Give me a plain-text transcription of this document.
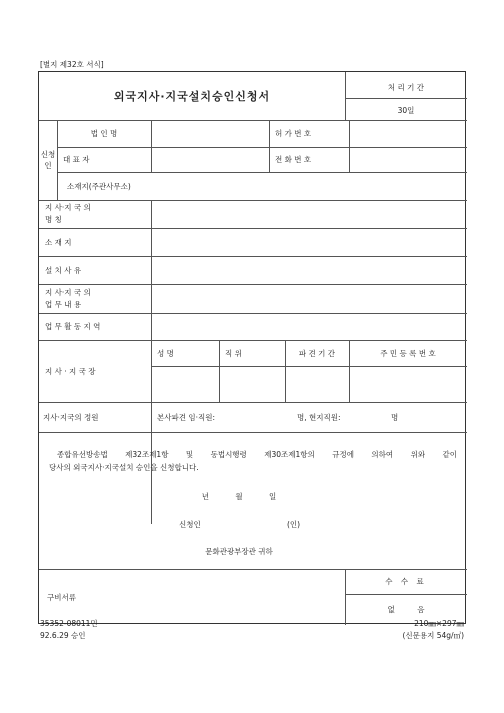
[별지 제32호 서식]
외국지사·지국설치승인신청서
처 리 기 간
30일
신청인
법 인 명	허 가 번 호
대 표 자	전 화 번 호
소재지(주관사무소)
지 사·지 국 의
명 칭
소 재 지
설 치 사 유
지 사·지 국 의
업 무 내 용
업 무 활 동 지 역
지 사 · 지 국 장
성 명	직 위	파 견 기 간	주 민 등 록 번 호
지사·지국의 정원	본사파견 임·직원:	명, 현지직원:	명
종합유선방송법 제32조제1항 및 동법시행령 제30조제1항의 규정에 의하여 위와 같이
당사의 외국지사·지국설치 승인을 신청합니다.
년 월 일
신청인	(인)
문화관광부장관 귀하
구비서류
수 수 료
없 음
35352-08011민
92.6.29 승인
210㎜×297㎜
(신문용지 54g/㎡)
